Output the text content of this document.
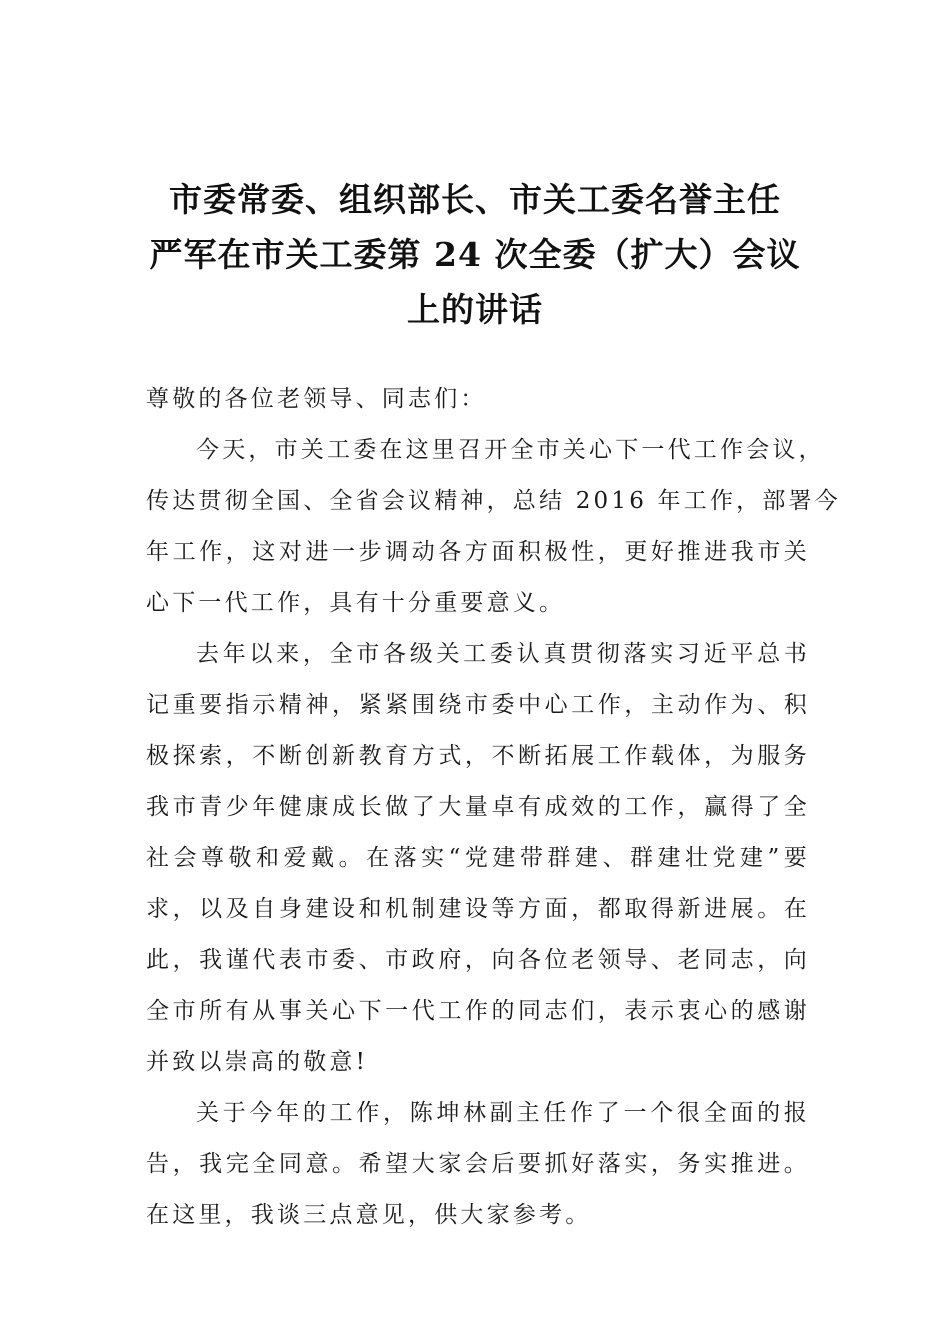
市委常委、组织部长、市关工委名誉主任
严军在市关工委第 24 次全委（扩大）会议
上的讲话
尊敬的各位老领导、同志们：
今天，市关工委在这里召开全市关心下一代工作会议，
传达贯彻全国、全省会议精神，总结 2016 年工作，部署今
年工作，这对进一步调动各方面积极性，更好推进我市关
心下一代工作，具有十分重要意义。
去年以来，全市各级关工委认真贯彻落实习近平总书
记重要指示精神，紧紧围绕市委中心工作，主动作为、积
极探索，不断创新教育方式，不断拓展工作载体，为服务
我市青少年健康成长做了大量卓有成效的工作，赢得了全
社会尊敬和爱戴。在落实“党建带群建、群建壮党建”要
求，以及自身建设和机制建设等方面，都取得新进展。在
此，我谨代表市委、市政府，向各位老领导、老同志，向
全市所有从事关心下一代工作的同志们，表示衷心的感谢
并致以崇高的敬意!
关于今年的工作，陈坤林副主任作了一个很全面的报
告，我完全同意。希望大家会后要抓好落实，务实推进。
在这里，我谈三点意见，供大家参考。
